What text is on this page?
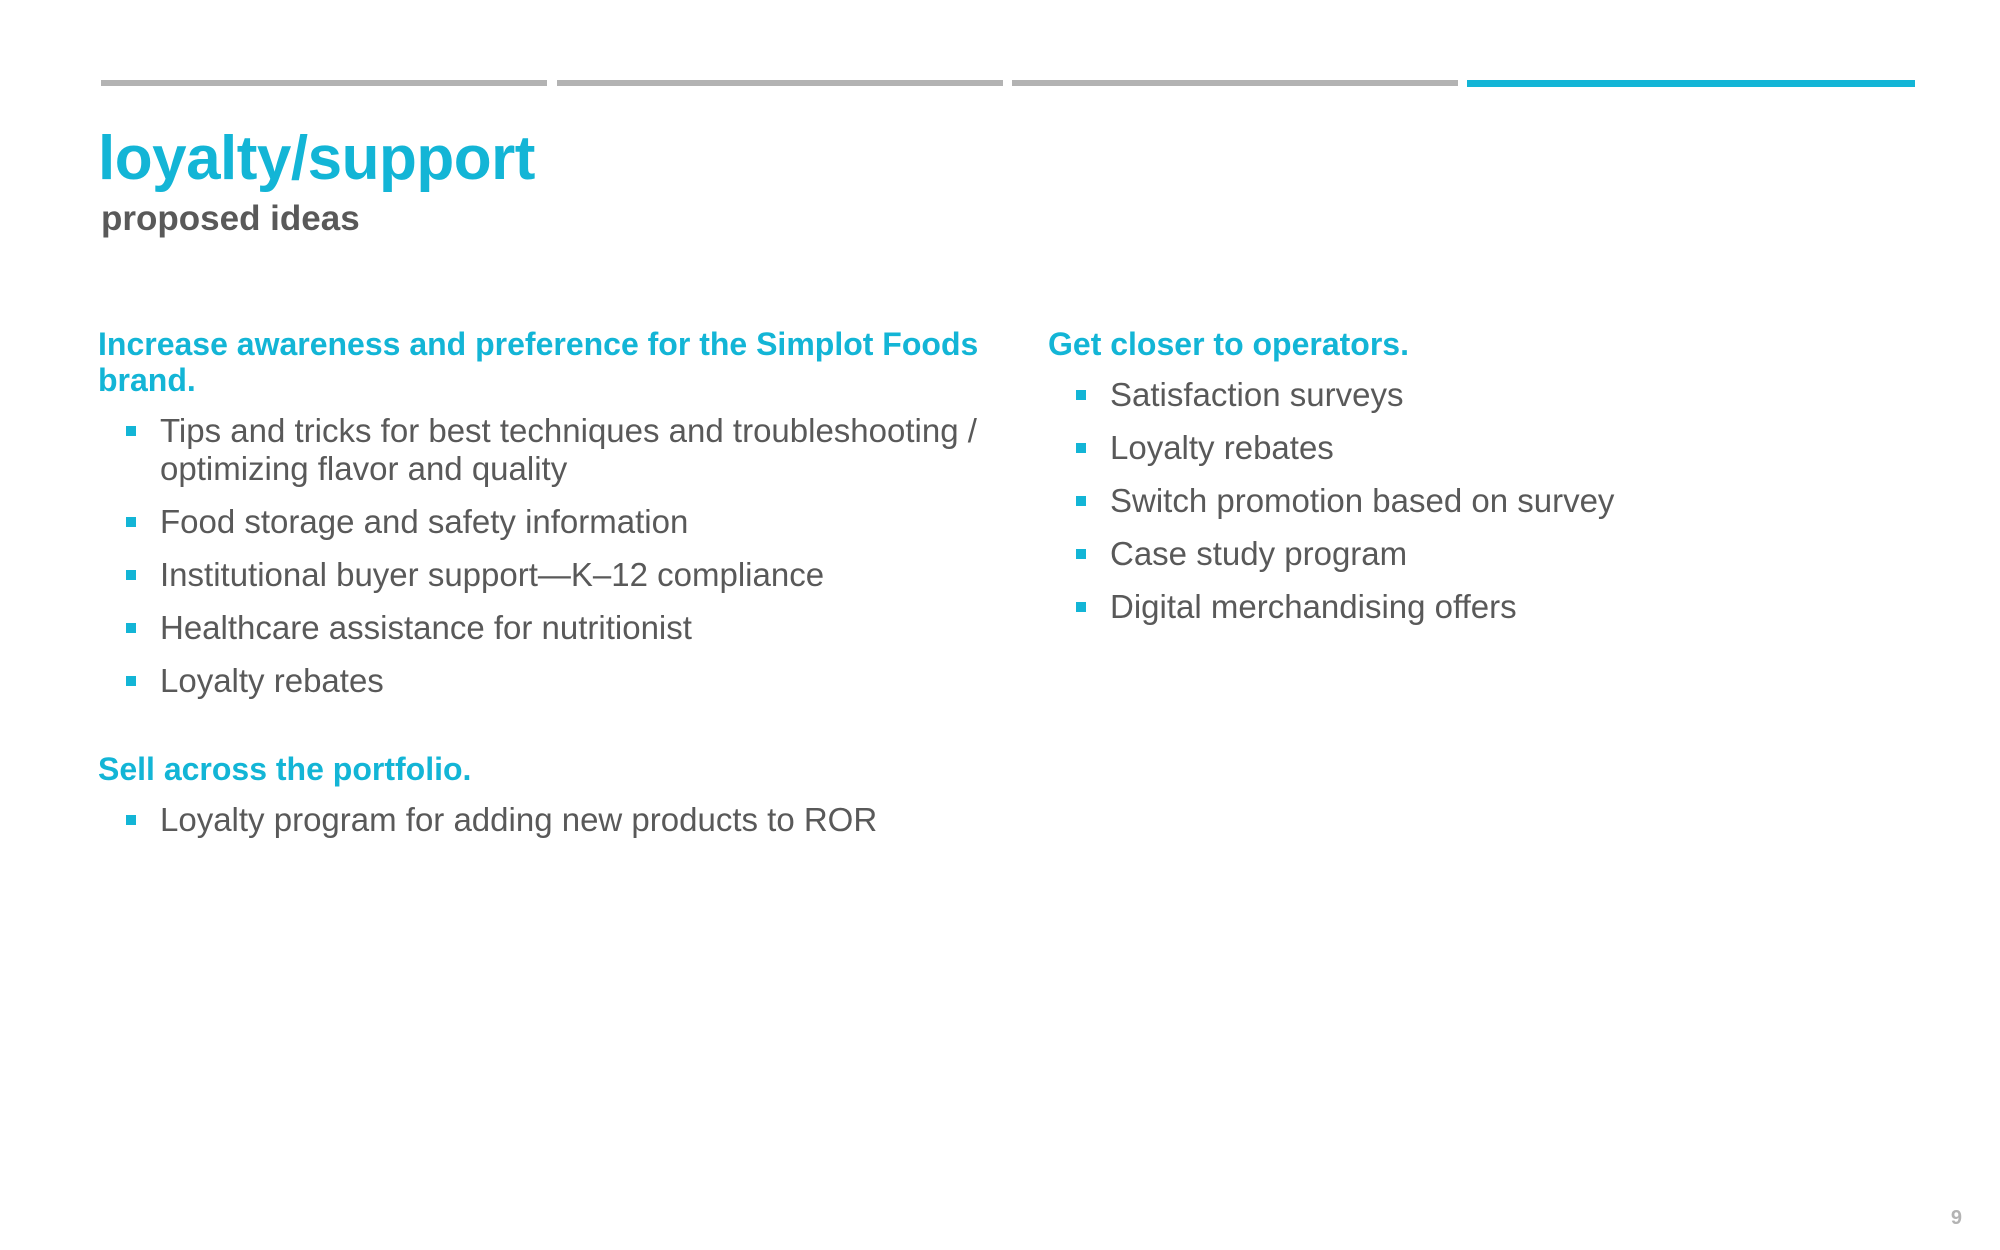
loyalty/support
proposed ideas
Increase awareness and preference for the Simplot Foods brand.
Tips and tricks for best techniques and troubleshooting / optimizing flavor and quality
Food storage and safety information
Institutional buyer support—K–12 compliance
Healthcare assistance for nutritionist
Loyalty rebates
Sell across the portfolio.
Loyalty program for adding new products to ROR
Get closer to operators.
Satisfaction surveys
Loyalty rebates
Switch promotion based on survey
Case study program
Digital merchandising offers
9
